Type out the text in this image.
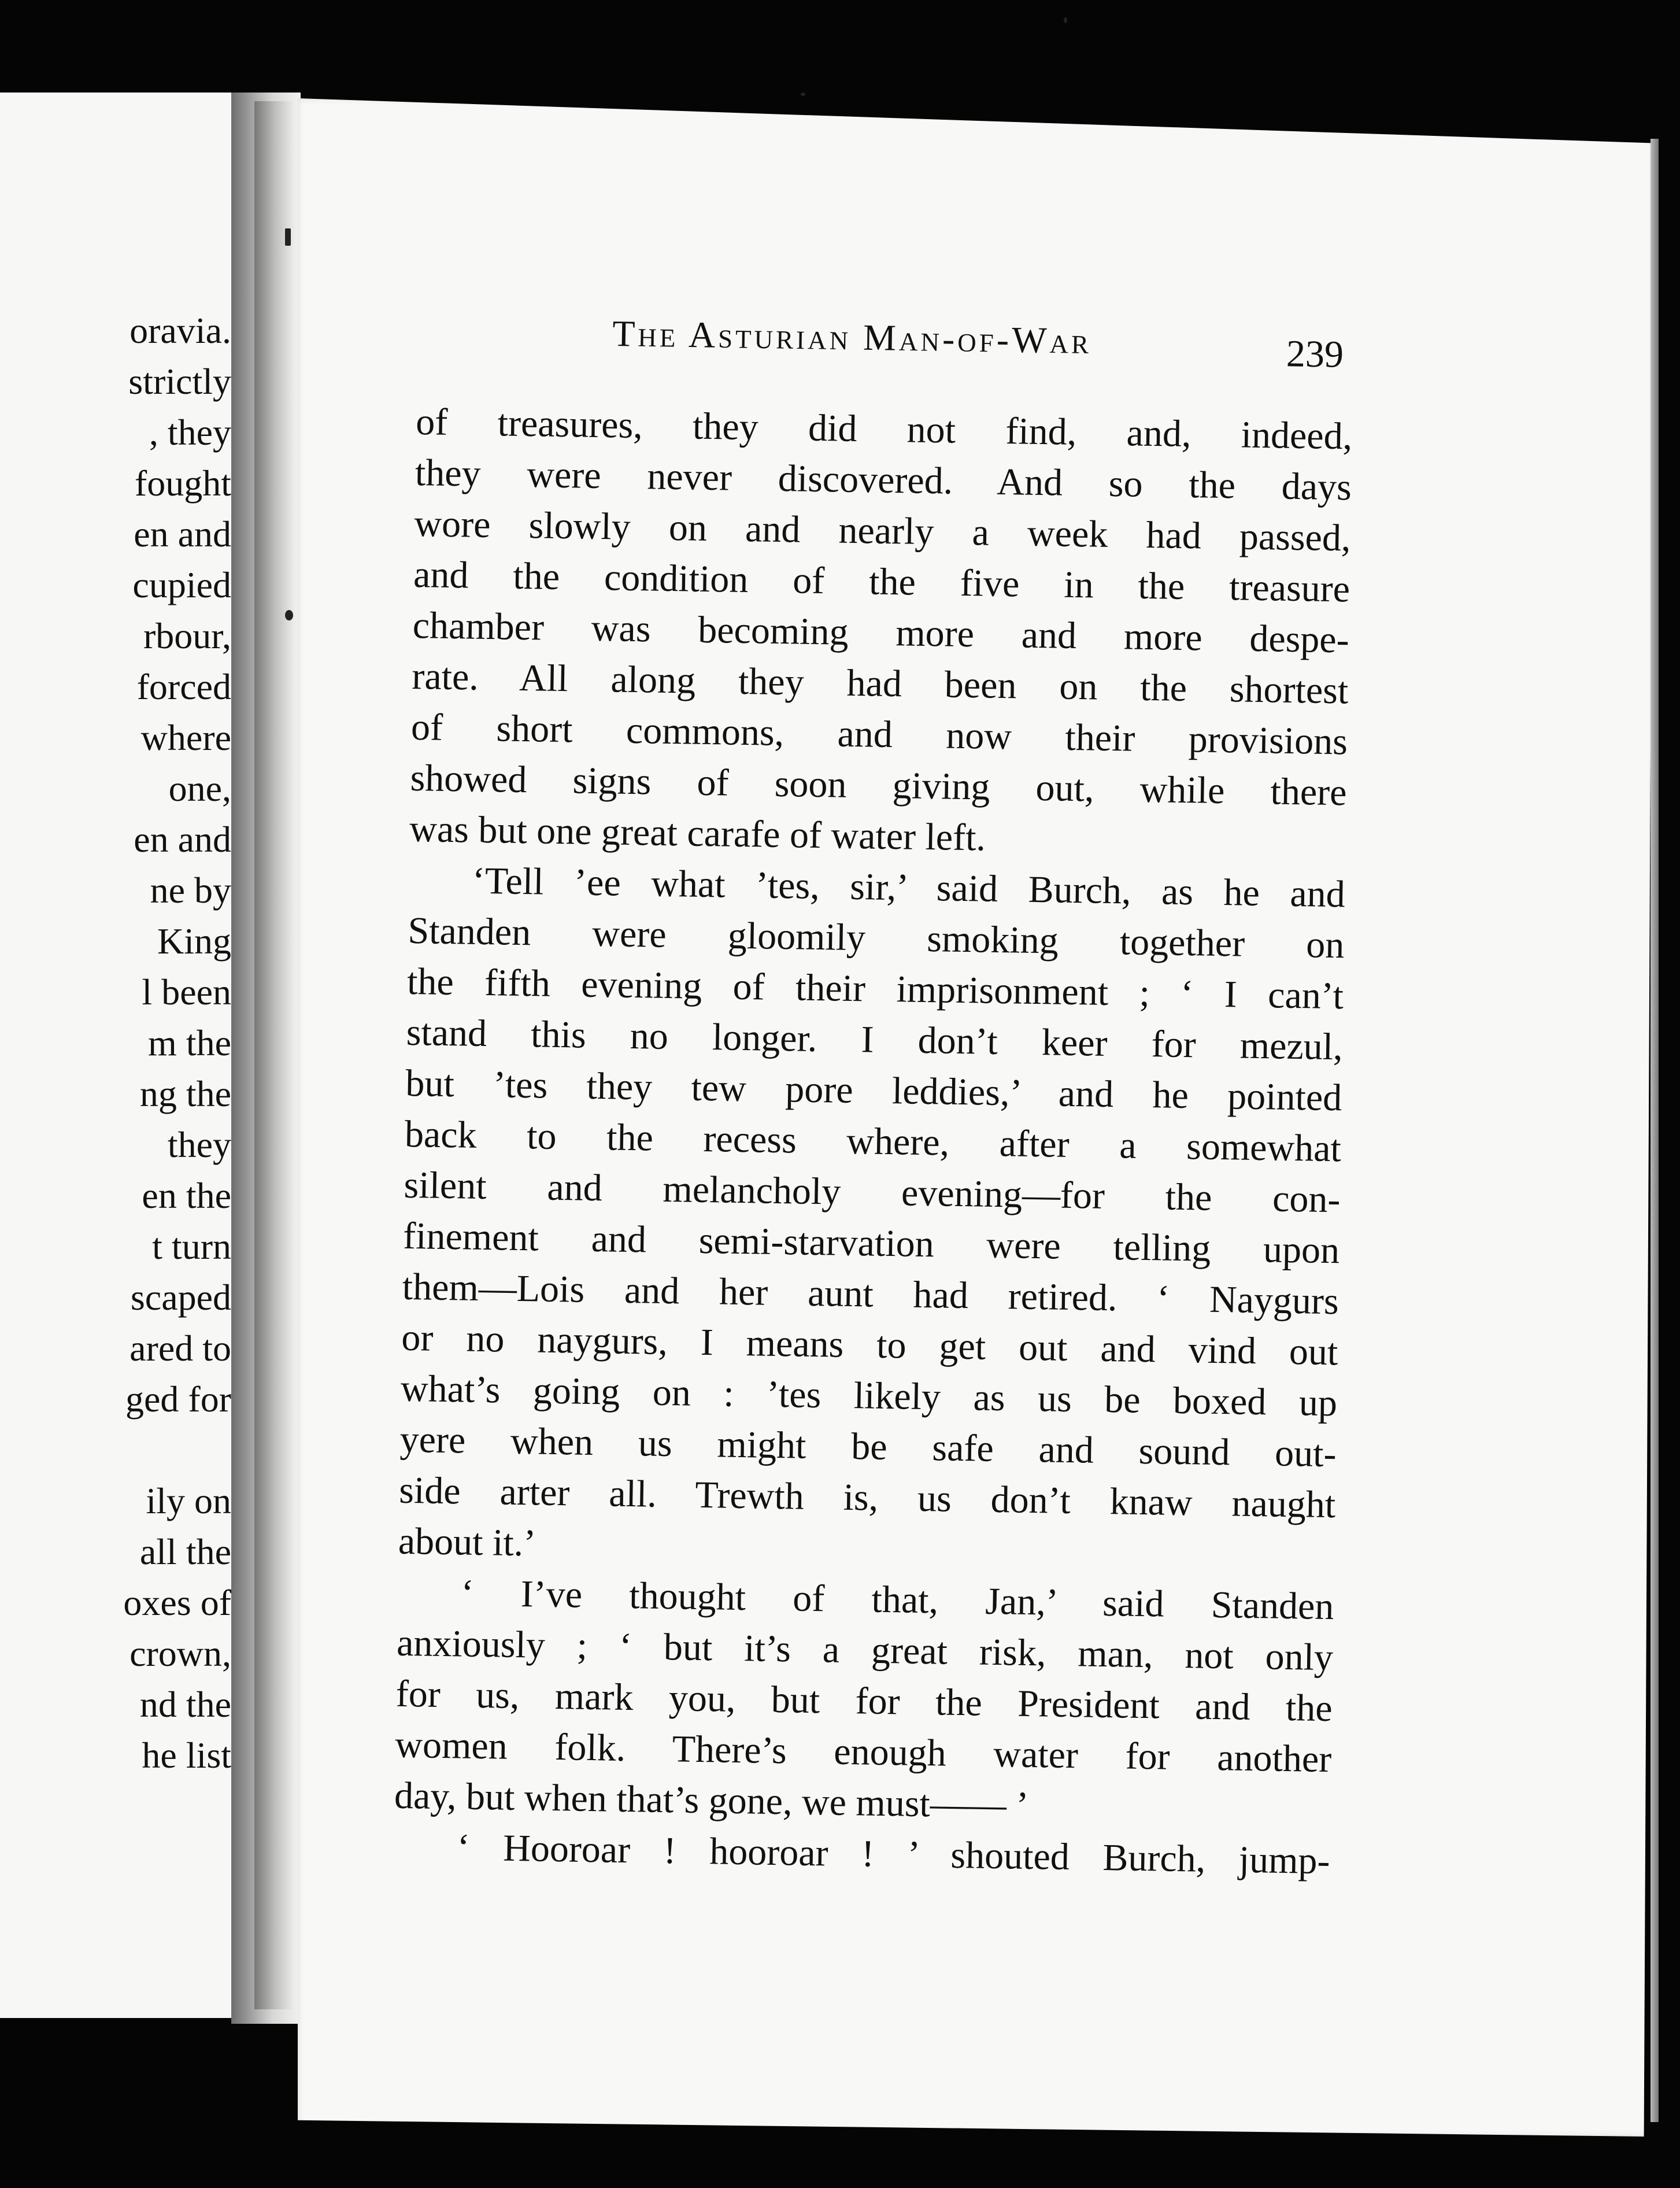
oravia.
strictly
, they
fought
en and
cupied
rbour,
forced
where
one,
en and
ne by
King
l been
m the
ng the
they
en the
t turn
scaped
ared to
ged for
ily on
all the
oxes of
crown,
nd the
he list
The Asturian Man-of-War	239
of treasures, they did not find, and, indeed,
they were never discovered. And so the days
wore slowly on and nearly a week had passed,
and the condition of the five in the treasure
chamber was becoming more and more despe-
rate. All along they had been on the shortest
of short commons, and now their provisions
showed signs of soon giving out, while there
was but one great carafe of water left.
‘Tell ’ee what ’tes, sir,’ said Burch, as he and
Standen were gloomily smoking together on
the fifth evening of their imprisonment ; ‘ I can’t
stand this no longer. I don’t keer for mezul,
but ’tes they tew pore leddies,’ and he pointed
back to the recess where, after a somewhat
silent and melancholy evening—for the con-
finement and semi-starvation were telling upon
them—Lois and her aunt had retired. ‘ Naygurs
or no naygurs, I means to get out and vind out
what’s going on : ’tes likely as us be boxed up
yere when us might be safe and sound out-
side arter all. Trewth is, us don’t knaw naught
about it.’
‘ I’ve thought of that, Jan,’ said Standen
anxiously ; ‘ but it’s a great risk, man, not only
for us, mark you, but for the President and the
women folk. There’s enough water for another
day, but when that’s gone, we must—— ’
‘ Hooroar ! hooroar ! ’ shouted Burch, jump-
